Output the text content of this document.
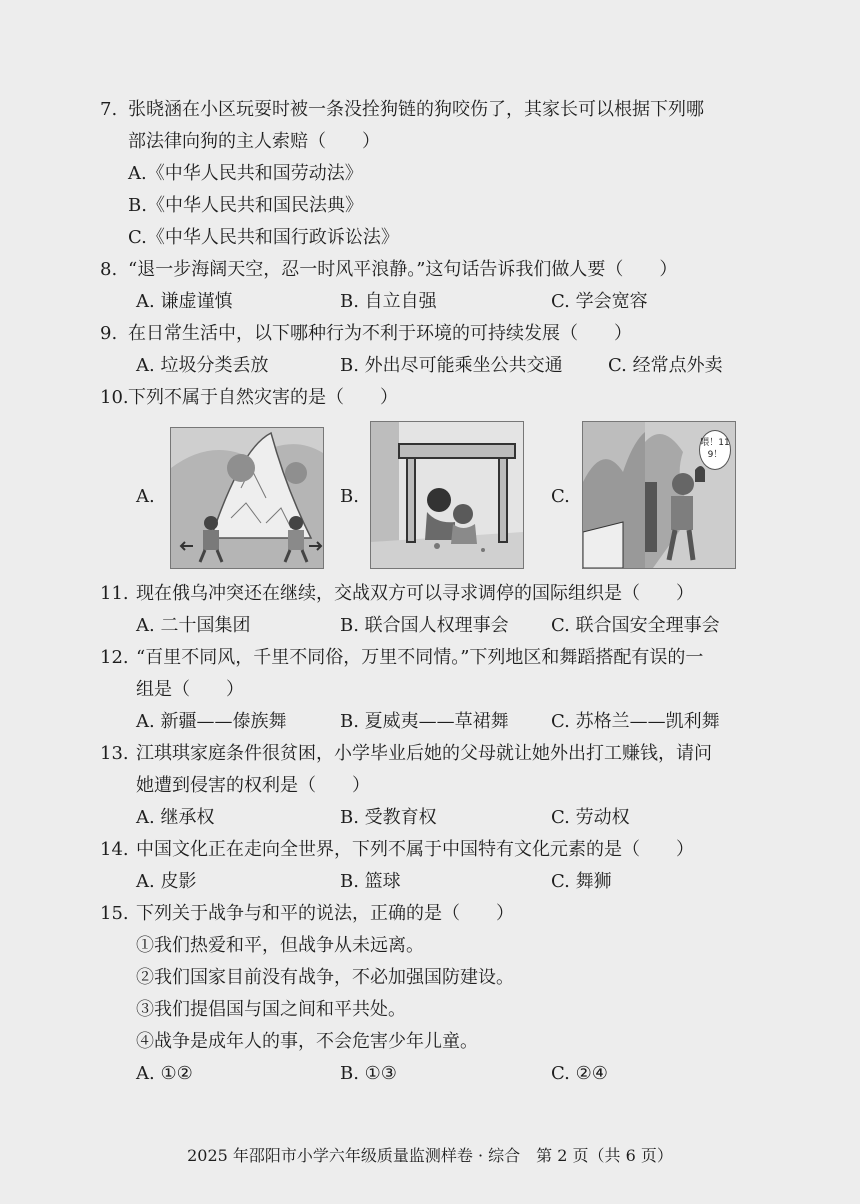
7. 张晓涵在小区玩耍时被一条没拴狗链的狗咬伤了，其家长可以根据下列哪
部法律向狗的主人索赔（　　）
A.《中华人民共和国劳动法》
B.《中华人民共和国民法典》
C.《中华人民共和国行政诉讼法》
8. “退一步海阔天空，忍一时风平浪静。”这句话告诉我们做人要（　　）
A. 谦虚谨慎	B. 自立自强	C. 学会宽容
9. 在日常生活中，以下哪种行为不利于环境的可持续发展（　　）
A. 垃圾分类丢放	B. 外出尽可能乘坐公共交通	C. 经常点外卖
10. 下列不属于自然灾害的是（　　）
A.	B.	C.
喂！119！
11. 现在俄乌冲突还在继续，交战双方可以寻求调停的国际组织是（　　）
A. 二十国集团	B. 联合国人权理事会 C. 联合国安全理事会
12. “百里不同风，千里不同俗，万里不同情。”下列地区和舞蹈搭配有误的一
组是（　　）
A. 新疆——傣族舞	B. 夏威夷——草裙舞 C. 苏格兰——凯利舞
13. 江琪琪家庭条件很贫困，小学毕业后她的父母就让她外出打工赚钱，请问
她遭到侵害的权利是（　　）
A. 继承权	B. 受教育权	C. 劳动权
14. 中国文化正在走向全世界，下列不属于中国特有文化元素的是（　　）
A. 皮影	B. 篮球	C. 舞狮
15. 下列关于战争与和平的说法，正确的是（　　）
①我们热爱和平，但战争从未远离。
②我们国家目前没有战争，不必加强国防建设。
③我们提倡国与国之间和平共处。
④战争是成年人的事，不会危害少年儿童。
A. ①②	B. ①③	C. ②④
2025 年邵阳市小学六年级质量监测样卷 · 综合　第 2 页（共 6 页）
